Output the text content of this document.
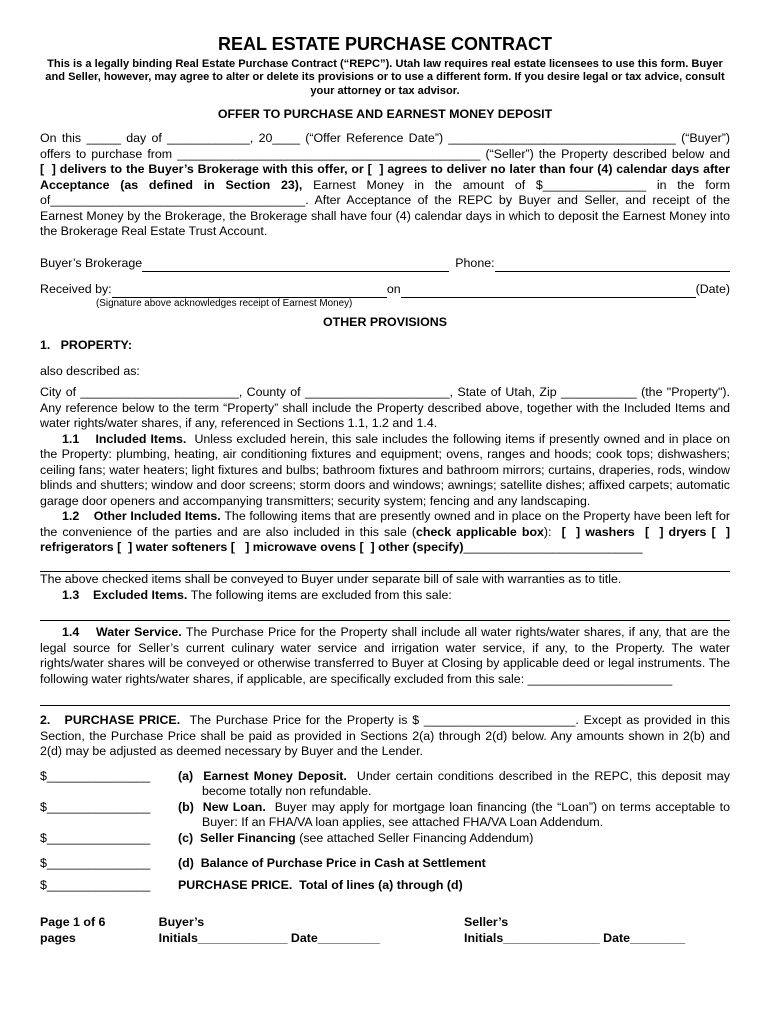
REAL ESTATE PURCHASE CONTRACT
This is a legally binding Real Estate Purchase Contract (“REPC”). Utah law requires real estate licensees to use this form. Buyer and Seller, however, may agree to alter or delete its provisions or to use a different form. If you desire legal or tax advice, consult your attorney or tax advisor.
OFFER TO PURCHASE AND EARNEST MONEY DEPOSIT

On this _____ day of ____________, 20____ (“Offer Reference Date”) _________________________________ (“Buyer”) offers to purchase from ____________________________________________ (“Seller”) the Property described below and [  ] delivers to the Buyer’s Brokerage with this offer, or [  ] agrees to deliver no later than four (4) calendar days after Acceptance (as defined in Section 23), Earnest Money in the amount of $_______________ in the form of_____________________________________. After Acceptance of the REPC by Buyer and Seller, and receipt of the Earnest Money by the Brokerage, the Brokerage shall have four (4) calendar days in which to deposit the Earnest Money into the Brokerage Real Estate Trust Account.

Buyer’s Brokerage	Phone:
Received by:	on	(Date)
(Signature above acknowledges receipt of Earnest Money)
OTHER PROVISIONS
1.   PROPERTY:
also described as:

City of _______________________, County of _____________________, State of Utah, Zip ___________ (the "Property"). Any reference below to the term “Property” shall include the Property described above, together with the Included Items and water rights/water shares, if any, referenced in Sections 1.1, 1.2 and 1.4.

1.1    Included Items.  Unless excluded herein, this sale includes the following items if presently owned and in place on the Property: plumbing, heating, air conditioning fixtures and equipment; ovens, ranges and hoods; cook tops; dishwashers; ceiling fans; water heaters; light fixtures and bulbs; bathroom fixtures and bathroom mirrors; curtains, draperies, rods, window blinds and shutters; window and door screens; storm doors and windows; awnings; satellite dishes; affixed carpets; automatic garage door openers and accompanying transmitters; security system; fencing and any landscaping.

1.2    Other Included Items. The following items that are presently owned and in place on the Property have been left for the convenience of the parties and are also included in this sale (check applicable box):  [  ] washers  [  ] dryers [  ] refrigerators [  ] water softeners [   ] microwave ovens [  ] other (specify)__________________________

The above checked items shall be conveyed to Buyer under separate bill of sale with warranties as to title.

1.3    Excluded Items. The following items are excluded from this sale:

1.4    Water Service. The Purchase Price for the Property shall include all water rights/water shares, if any, that are the legal source for Seller’s current culinary water service and irrigation water service, if any, to the Property. The water rights/water shares will be conveyed or otherwise transferred to Buyer at Closing by applicable deed or legal instruments. The following water rights/water shares, if applicable, are specifically excluded from this sale: _____________________

2.   PURCHASE PRICE.  The Purchase Price for the Property is $ ______________________. Except as provided in this Section, the Purchase Price shall be paid as provided in Sections 2(a) through 2(d) below. Any amounts shown in 2(b) and 2(d) may be adjusted as deemed necessary by Buyer and the Lender.

$_______________	(a)  Earnest Money Deposit.  Under certain conditions described in the REPC, this deposit may become totally non refundable.
$_______________	(b)  New Loan.  Buyer may apply for mortgage loan financing (the “Loan”) on terms acceptable to Buyer: If an FHA/VA loan applies, see attached FHA/VA Loan Addendum.
$_______________	(c)  Seller Financing (see attached Seller Financing Addendum)
$_______________	(d)  Balance of Purchase Price in Cash at Settlement
$_______________	PURCHASE PRICE.  Total of lines (a) through (d)
Page 1 of 6 pages
Buyer’s Initials_____________ Date_________
Seller’s Initials______________ Date________
